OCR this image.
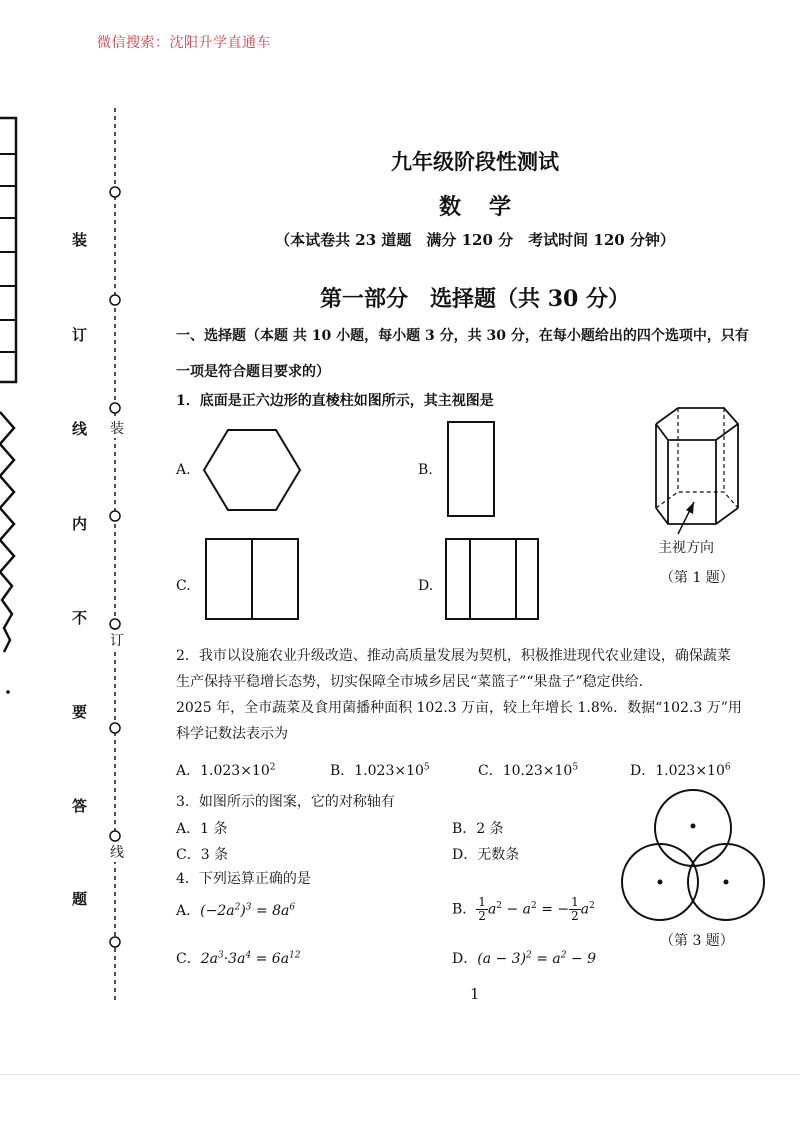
微信搜索：沈阳升学直通车
装
订
线
内
不
要
答
题
装
订
线
九年级阶段性测试
数学
（本试卷共 23 道题　满分 120 分　考试时间 120 分钟）
第一部分　选择题（共 30 分）
一、选择题（本题 共 10 小题，每小题 3 分，共 30 分，在每小题给出的四个选项中，只有
一项是符合题目要求的）
1．底面是正六边形的直棱柱如图所示，其主视图是
A.	B.
C.	D.
主视方向
（第 1 题）
2．我市以设施农业升级改造、推动高质量发展为契机，积极推进现代农业建设，确保蔬菜
生产保持平稳增长态势，切实保障全市城乡居民“菜篮子”“果盘子”稳定供给．
2025 年，全市蔬菜及食用菌播种面积 102.3 万亩，较上年增长 1.8%．数据“102.3 万”用
科学记数法表示为
A．$1.023\times 10^2$	B．$1.023\times 10^5$	C．$10.23\times 10^5$	D．$1.023\times 10^6$
3．如图所示的图案，它的对称轴有
A．1 条	B．2 条
C．3 条	D．无数条
（第 3 题）
4．下列运算正确的是
A．$(-2a^2)^3 = 8a^6$	B． $\frac{1}{2} a^2 - a^2$ = − $\frac{1}{2} a^2$
C．$2a^3\cdot 3a^4 = 6a^{12}$	D．$(a - 3)^2 = a^2 - 9$
1
